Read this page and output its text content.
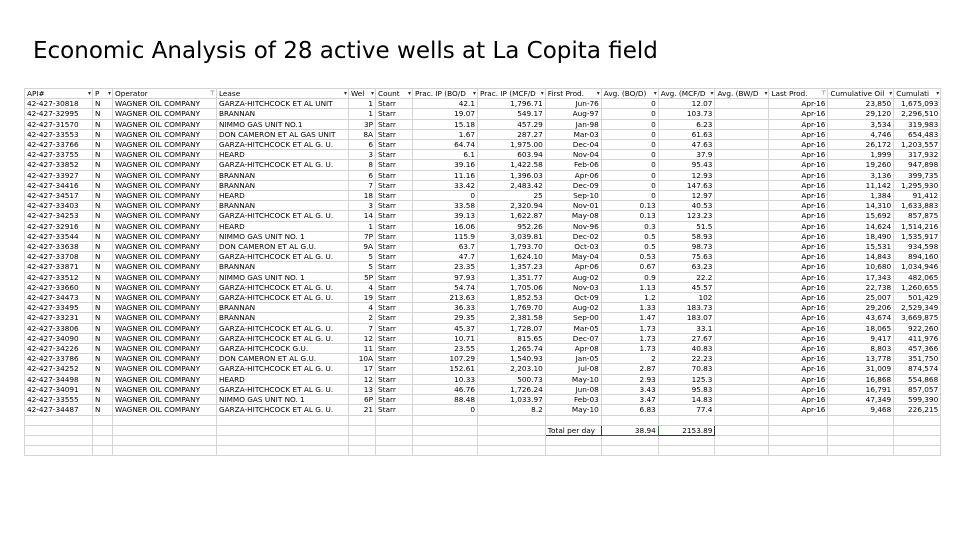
Economic Analysis of 28 active wells at La Copita field
API# ▾	P ▾	Operator ⊤	Lease ▾	Wel ▾	Count ▾	Prac. IP (BO/D ▾	Prac. IP (MCF/D ▾	First Prod. ▾	Avg. (BO/D) ▾	Avg. (MCF/D ▾	Avg. (BW/D ▾	Last Prod. ⊤	Cumulative Oil ▾	Cumulati ▾

42-427-30818	N	WAGNER OIL COMPANY	GARZA-HITCHCOCK ET AL UNIT	1	Starr	42.1	1,796.71	Jun-76	0	12.07		Apr-16	23,850	1,675,093
42-427-32995	N	WAGNER OIL COMPANY	BRANNAN	1	Starr	19.07	549.17	Aug-97	0	103.73		Apr-16	29,120	2,296,510
42-427-31570	N	WAGNER OIL COMPANY	NIMMO GAS UNIT NO.1	3P	Starr	15.18	457.29	Jan-98	0	6.23		Apr-16	3,534	319,983
42-427-33553	N	WAGNER OIL COMPANY	DON CAMERON ET AL GAS UNIT	8A	Starr	1.67	287.27	Mar-03	0	61.63		Apr-16	4,746	654,483
42-427-33766	N	WAGNER OIL COMPANY	GARZA-HITCHCOCK ET AL G. U.	6	Starr	64.74	1,975.00	Dec-04	0	47.63		Apr-16	26,172	1,203,557
42-427-33755	N	WAGNER OIL COMPANY	HEARD	3	Starr	6.1	603.94	Nov-04	0	37.9		Apr-16	1,999	317,932
42-427-33852	N	WAGNER OIL COMPANY	GARZA-HITCHCOCK ET AL G. U.	8	Starr	39.16	1,422.58	Feb-06	0	95.43		Apr-16	19,260	947,898
42-427-33927	N	WAGNER OIL COMPANY	BRANNAN	6	Starr	11.16	1,396.03	Apr-06	0	12.93		Apr-16	3,136	399,735
42-427-34416	N	WAGNER OIL COMPANY	BRANNAN	7	Starr	33.42	2,483.42	Dec-09	0	147.63		Apr-16	11,142	1,295,930
42-427-34517	N	WAGNER OIL COMPANY	HEARD	18	Starr	0	25	Sep-10	0	12.97		Apr-16	1,384	91,412
42-427-33403	N	WAGNER OIL COMPANY	BRANNAN	3	Starr	33.58	2,320.94	Nov-01	0.13	40.53		Apr-16	14,310	1,633,883
42-427-34253	N	WAGNER OIL COMPANY	GARZA-HITCHCOCK ET AL G. U.	14	Starr	39.13	1,622.87	May-08	0.13	123.23		Apr-16	15,692	857,875
42-427-32916	N	WAGNER OIL COMPANY	HEARD	1	Starr	16.06	952.26	Nov-96	0.3	51.5		Apr-16	14,624	1,514,216
42-427-33544	N	WAGNER OIL COMPANY	NIMMO GAS UNIT NO. 1	7P	Starr	115.9	3,039.81	Dec-02	0.5	58.93		Apr-16	18,490	1,535,917
42-427-33638	N	WAGNER OIL COMPANY	DON CAMERON ET AL G.U.	9A	Starr	63.7	1,793.70	Oct-03	0.5	98.73		Apr-16	15,531	934,598
42-427-33708	N	WAGNER OIL COMPANY	GARZA-HITCHCOCK ET AL G. U.	5	Starr	47.7	1,624.10	May-04	0.53	75.63		Apr-16	14,843	894,160
42-427-33871	N	WAGNER OIL COMPANY	BRANNAN	5	Starr	23.35	1,357.23	Apr-06	0.67	63.23		Apr-16	10,680	1,034,946
42-427-33512	N	WAGNER OIL COMPANY	NIMMO GAS UNIT NO. 1	5P	Starr	97.93	1,351.77	Aug-02	0.9	22.2		Apr-16	17,343	482,065
42-427-33660	N	WAGNER OIL COMPANY	GARZA-HITCHCOCK ET AL G. U.	4	Starr	54.74	1,705.06	Nov-03	1.13	45.57		Apr-16	22,738	1,260,655
42-427-34473	N	WAGNER OIL COMPANY	GARZA-HITCHCOCK ET AL G. U.	19	Starr	213.63	1,852.53	Oct-09	1.2	102		Apr-16	25,007	501,429
42-427-33495	N	WAGNER OIL COMPANY	BRANNAN	4	Starr	36.33	1,769.70	Aug-02	1.33	183.73		Apr-16	29,206	2,529,349
42-427-33231	N	WAGNER OIL COMPANY	BRANNAN	2	Starr	29.35	2,381.58	Sep-00	1.47	183.07		Apr-16	43,674	3,669,875
42-427-33806	N	WAGNER OIL COMPANY	GARZA-HITCHCOCK ET AL G. U.	7	Starr	45.37	1,728.07	Mar-05	1.73	33.1		Apr-16	18,065	922,260
42-427-34090	N	WAGNER OIL COMPANY	GARZA-HITCHCOCK ET AL G. U.	12	Starr	10.71	815.65	Dec-07	1.73	27.67		Apr-16	9,417	411,976
42-427-34226	N	WAGNER OIL COMPANY	GARZA-HITCHCOCK G.U.	11	Starr	23.55	1,265.74	Apr-08	1.73	40.83		Apr-16	8,803	457,366
42-427-33786	N	WAGNER OIL COMPANY	DON CAMERON ET AL G.U.	10A	Starr	107.29	1,540.93	Jan-05	2	22.23		Apr-16	13,778	351,750
42-427-34252	N	WAGNER OIL COMPANY	GARZA-HITCHCOCK ET AL G. U.	17	Starr	152.61	2,203.10	Jul-08	2.87	70.83		Apr-16	31,009	874,574
42-427-34498	N	WAGNER OIL COMPANY	HEARD	12	Starr	10.33	500.73	May-10	2.93	125.3		Apr-16	16,868	554,868
42-427-34091	N	WAGNER OIL COMPANY	GARZA-HITCHCOCK ET AL G. U.	13	Starr	46.76	1,726.24	Jun-08	3.43	95.83		Apr-16	16,791	857,057
42-427-33555	N	WAGNER OIL COMPANY	NIMMO GAS UNIT NO. 1	6P	Starr	88.48	1,033.97	Feb-03	3.47	14.83		Apr-16	47,349	599,390
42-427-34487	N	WAGNER OIL COMPANY	GARZA-HITCHCOCK ET AL G. U.	21	Starr	0	8.2	May-10	6.83	77.4		Apr-16	9,468	226,215

								Total per day	38.94	2153.89				
